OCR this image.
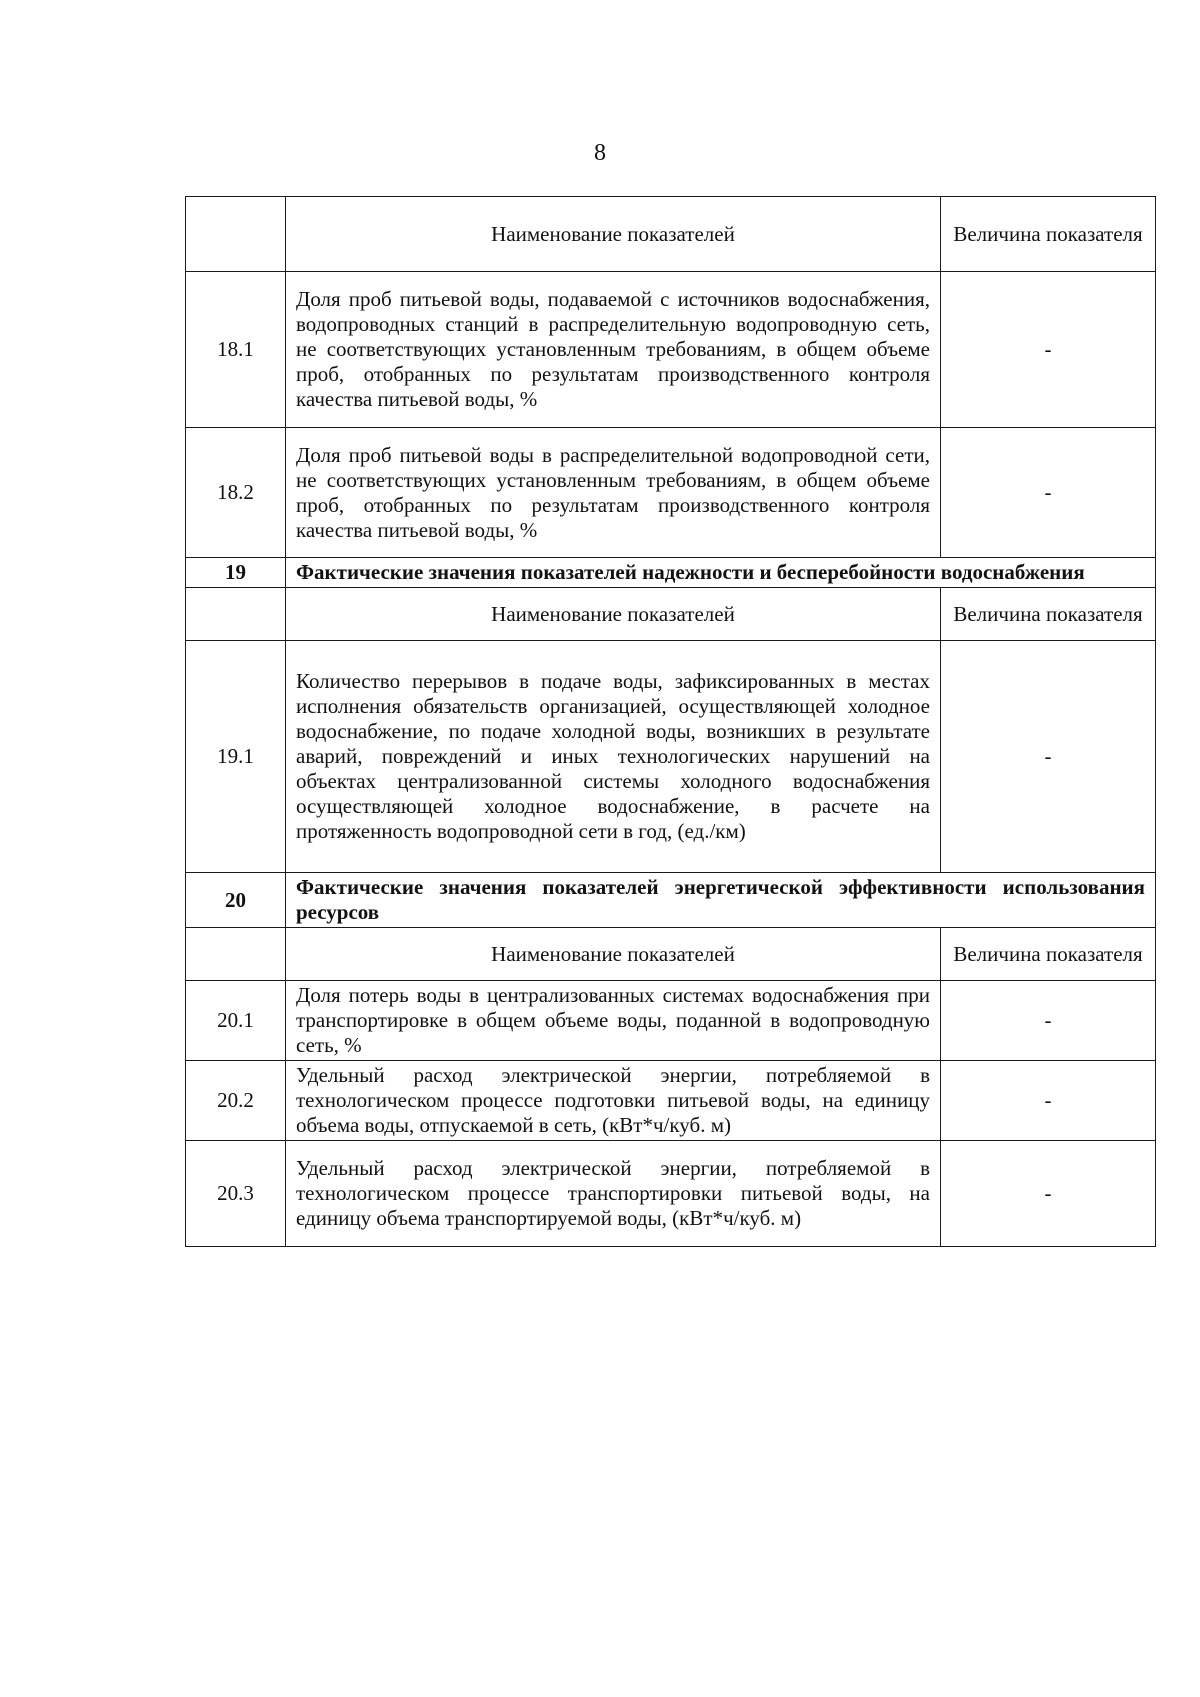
8
	Наименование показателей	Величина показателя
18.1	Доля проб питьевой воды, подаваемой с источников водоснабжения, водопроводных станций в распределительную водопроводную сеть, не соответствующих установленным требованиям, в общем объеме проб, отобранных по результатам производственного контроля качества питьевой воды, %	-
18.2	Доля проб питьевой воды в распределительной водопроводной сети, не соответствующих установленным требованиям, в общем объеме проб, отобранных по результатам производственного контроля качества питьевой воды, %	-
19	Фактические значения показателей надежности и бесперебойности водоснабжения	
	Наименование показателей	Величина показателя
19.1	Количество перерывов в подаче воды, зафиксированных в местах исполнения обязательств организацией, осуществляющей холодное водоснабжение, по подаче холодной воды, возникших в результате аварий, повреждений и иных технологических нарушений на объектах централизованной системы холодного водоснабжения осуществляющей холодное водоснабжение, в расчете на протяженность водопроводной сети в год, (ед./км)	-
20	Фактические значения показателей энергетической эффективности использования ресурсов	
	Наименование показателей	Величина показателя
20.1	Доля потерь воды в централизованных системах водоснабжения при транспортировке в общем объеме воды, поданной в водопроводную сеть, %	-
20.2	Удельный расход электрической энергии, потребляемой в технологическом процессе подготовки питьевой воды, на единицу объема воды, отпускаемой в сеть, (кВт*ч/куб. м)	-
20.3	Удельный расход электрической энергии, потребляемой в технологическом процессе транспортировки питьевой воды, на единицу объема транспортируемой воды, (кВт*ч/куб. м)	-
